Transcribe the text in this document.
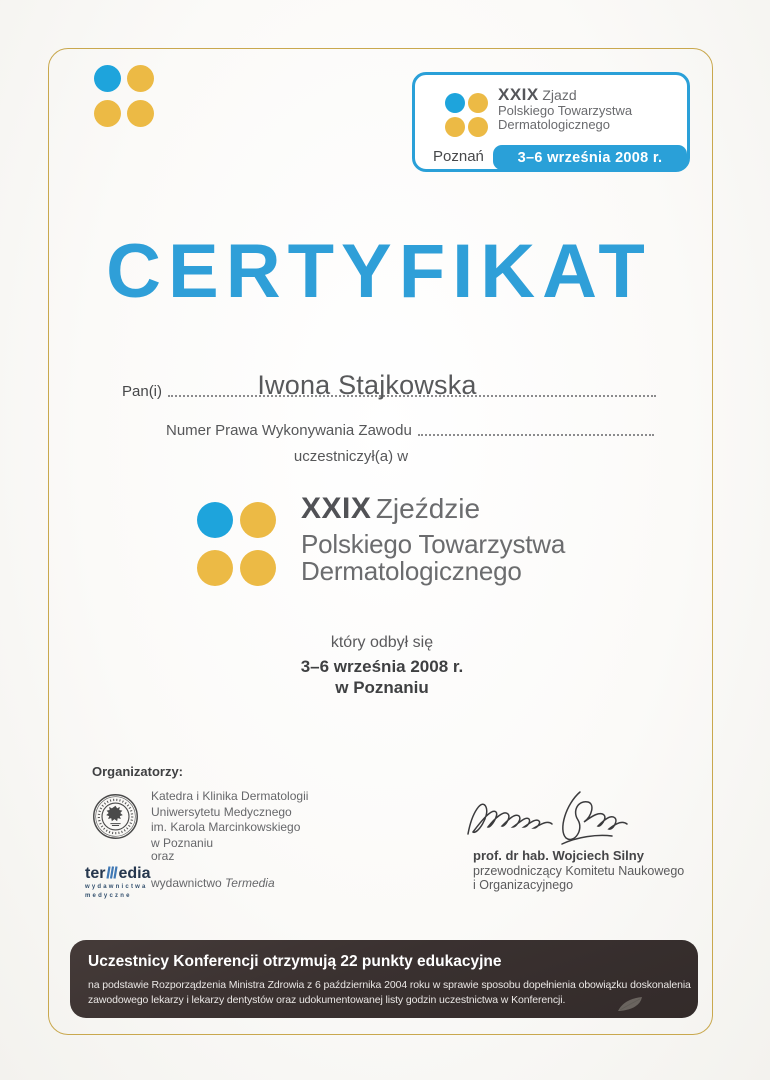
XXIX Zjazd
Polskiego Towarzystwa
Dermatologicznego
Poznań 3–6 września 2008 r.
CERTYFIKAT
Pan(i)	Iwona Stajkowska
Numer Prawa Wykonywania Zawodu
uczestniczył(a) w
XXIX Zjeździe
Polskiego Towarzystwa
Dermatologicznego
który odbył się
3–6 września 2008 r.
w Poznaniu
Organizatorzy:
Katedra i Klinika Dermatologii
Uniwersytetu Medycznego
im. Karola Marcinkowskiego
w Poznaniu
oraz
ter edia
wydawnictwa
medyczne
wydawnictwo Termedia
prof. dr hab. Wojciech Silny
przewodniczący Komitetu Naukowego
i Organizacyjnego
Uczestnicy Konferencji otrzymują 22 punkty edukacyjne
na podstawie Rozporządzenia Ministra Zdrowia z 6 października 2004 roku w sprawie sposobu dopełnienia obowiązku doskonalenia
zawodowego lekarzy i lekarzy dentystów oraz udokumentowanej listy godzin uczestnictwa w Konferencji.
